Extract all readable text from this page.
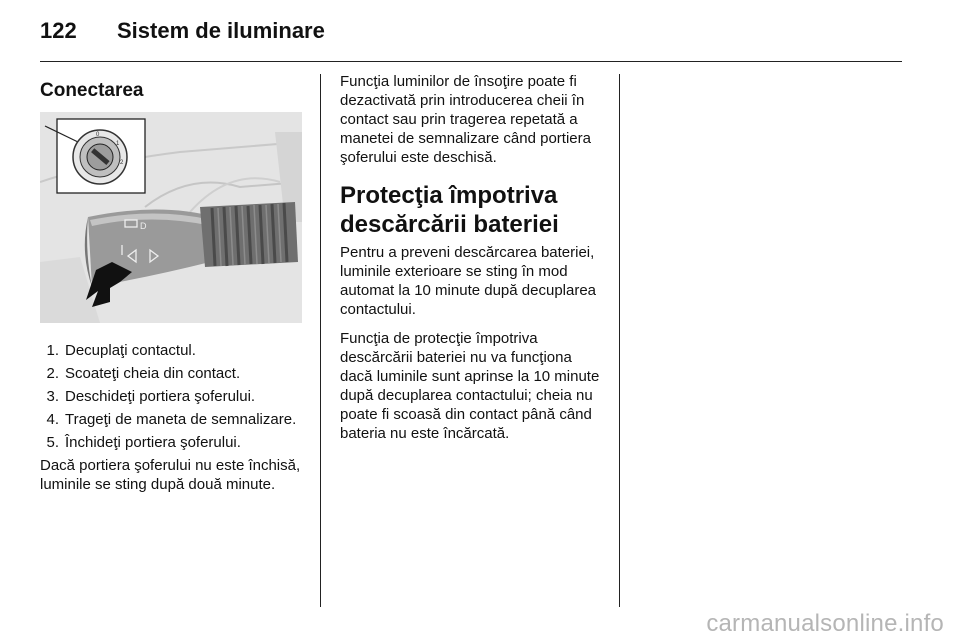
122 Sistem de iluminare
Conectarea
D
0
1
2
1. Decuplaţi contactul.
2. Scoateţi cheia din contact.
3. Deschideţi portiera şoferului.
4. Trageţi de maneta de semnalizare.
5. Închideţi portiera şoferului.

Dacă portiera şoferului nu este închisă, luminile se sting după două minute.

Funcţia luminilor de însoţire poate fi dezactivată prin introducerea cheii în contact sau prin tragerea repetată a manetei de semnalizare când portiera şoferului este deschisă.

Protecţia împotriva descărcării bateriei

Pentru a preveni descărcarea bateriei, luminile exterioare se sting în mod automat la 10 minute după decuplarea contactului.

Funcţia de protecţie împotriva descărcării bateriei nu va funcţiona dacă luminile sunt aprinse la 10 minute după decuplarea contactului; cheia nu poate fi scoasă din contact până când bateria nu este încărcată.

carmanualsonline.info
